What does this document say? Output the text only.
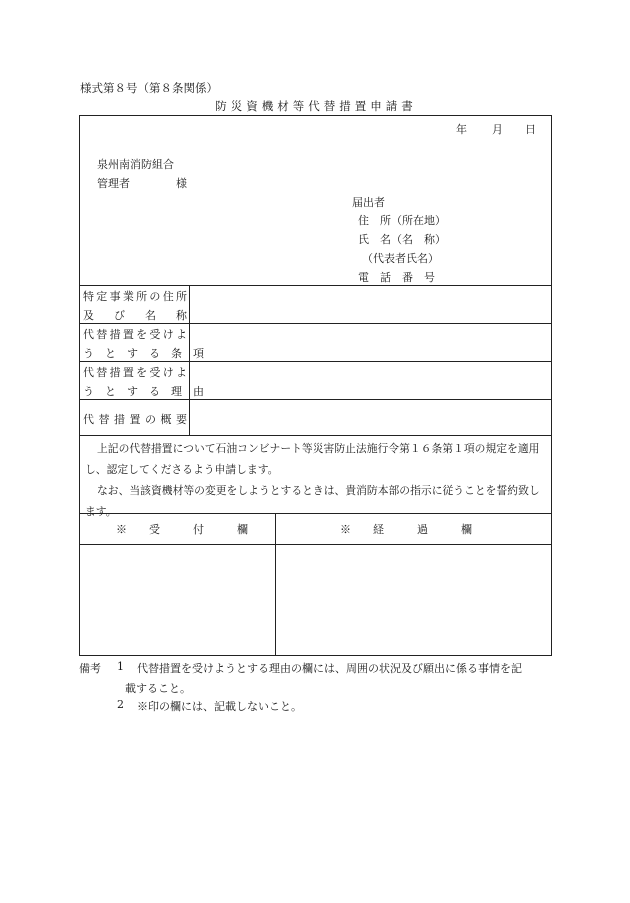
様式第８号（第８条関係）
防災資機材等代替措置申請書
年 月 日
泉州南消防組合
管理者	様
届出者
住　所（所在地）
氏　名（名　称）
（代表者氏名）
電　話　番　号
特定事業所の住所
及　び　名　称
代替措置を受けよ
う　と　す　る　条　項
代替措置を受けよ
う　と　す　る　理　由
代替措置の概要

上記の代替措置について石油コンビナート等災害防止法施行令第１６条第１項の規定を適用し、認定してくださるよう申請します。

なお、当該資機材等の変更をしようとするときは、貴消防本部の指示に従うことを誓約致します。

※　　受　　　付　　　欄	※　　経　　　過　　　欄
備考 1 代替措置を受けようとする理由の欄には、周囲の状況及び願出に係る事情を記
載すること。
2 ※印の欄には、記載しないこと。
